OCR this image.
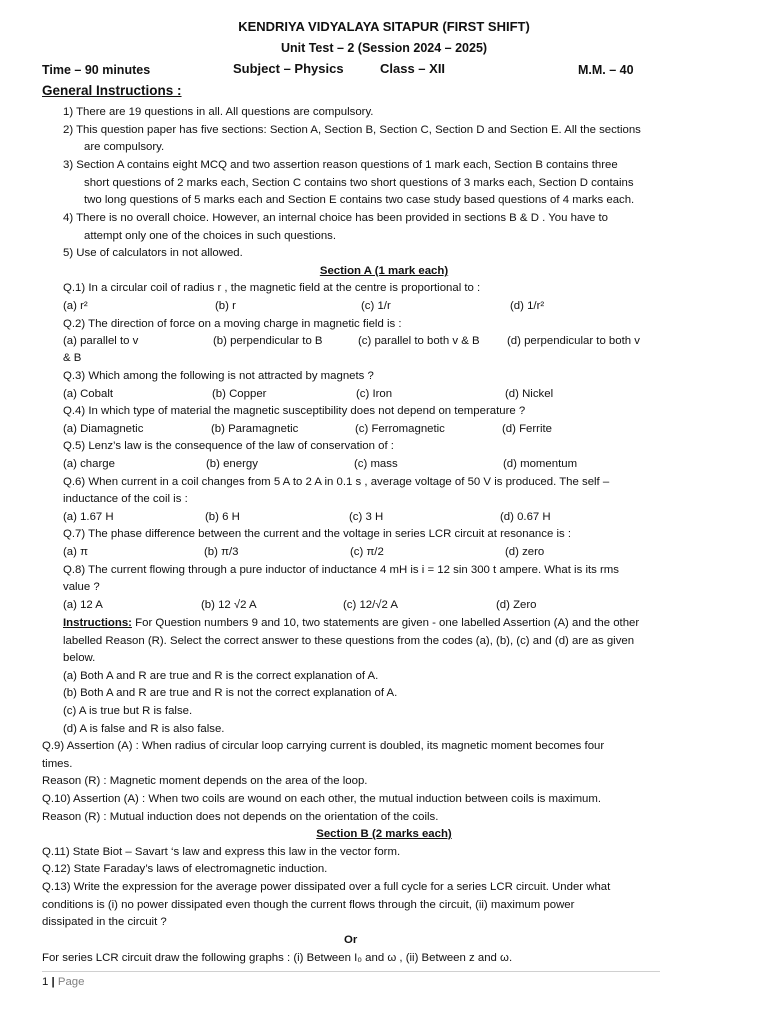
KENDRIYA VIDYALAYA SITAPUR (FIRST SHIFT)
Unit Test – 2 (Session 2024 – 2025)
Time – 90 minutes	Subject – Physics	Class – XII	M.M. – 40
General Instructions :
1) There are 19 questions in all. All questions are compulsory.
2) This question paper has five sections: Section A, Section B, Section C, Section D and Section E. All the sections
are compulsory.
3) Section A contains eight MCQ and two assertion reason questions of 1 mark each, Section B contains three
short questions of 2 marks each, Section C contains two short questions of 3 marks each, Section D contains
two long questions of 5 marks each and Section E contains two case study based questions of 4 marks each.
4) There is no overall choice. However, an internal choice has been provided in sections B & D . You have to
attempt only one of the choices in such questions.
5) Use of calculators in not allowed.
Section A (1 mark each)
Q.1) In a circular coil of radius r , the magnetic field at the centre is proportional to :
(a) r²	(b) r	(c) 1/r	(d) 1/r²
Q.2) The direction of force on a moving charge in magnetic field is :
(a) parallel to v	(b) perpendicular to B	(c) parallel to both v & B (d) perpendicular to both v
& B
Q.3) Which among the following is not attracted by magnets ?
(a) Cobalt	(b) Copper	(c) Iron	(d) Nickel
Q.4) In which type of material the magnetic susceptibility does not depend on temperature ?
(a) Diamagnetic	(b) Paramagnetic	(c) Ferromagnetic	(d) Ferrite
Q.5) Lenz’s law is the consequence of the law of conservation of :
(a) charge	(b) energy	(c) mass	(d) momentum
Q.6) When current in a coil changes from 5 A to 2 A in 0.1 s , average voltage of 50 V is produced. The self –
inductance of the coil is :
(a) 1.67 H	(b) 6 H	(c) 3 H	(d) 0.67 H
Q.7) The phase difference between the current and the voltage in series LCR circuit at resonance is :
(a) π	(b) π/3	(c) π/2	(d) zero
Q.8) The current flowing through a pure inductor of inductance 4 mH is i = 12 sin 300 t ampere. What is its rms
value ?
(a) 12 A	(b) 12 √2 A	(c) 12/√2 A	(d) Zero
Instructions: For Question numbers 9 and 10, two statements are given - one labelled Assertion (A) and the other
labelled Reason (R). Select the correct answer to these questions from the codes (a), (b), (c) and (d) are as given
below.
(a) Both A and R are true and R is the correct explanation of A.
(b) Both A and R are true and R is not the correct explanation of A.
(c) A is true but R is false.
(d) A is false and R is also false.
Q.9) Assertion (A) : When radius of circular loop carrying current is doubled, its magnetic moment becomes four
times.
Reason (R) : Magnetic moment depends on the area of the loop.
Q.10) Assertion (A) : When two coils are wound on each other, the mutual induction between coils is maximum.
Reason (R) : Mutual induction does not depends on the orientation of the coils.
Section B (2 marks each)
Q.11) State Biot – Savart ‘s law and express this law in the vector form.
Q.12) State Faraday’s laws of electromagnetic induction.
Q.13) Write the expression for the average power dissipated over a full cycle for a series LCR circuit. Under what
conditions is (i) no power dissipated even though the current flows through the circuit, (ii) maximum power
dissipated in the circuit ?
Or
For series LCR circuit draw the following graphs : (i) Between I₀ and ω , (ii) Between z and ω.
1 | Page
